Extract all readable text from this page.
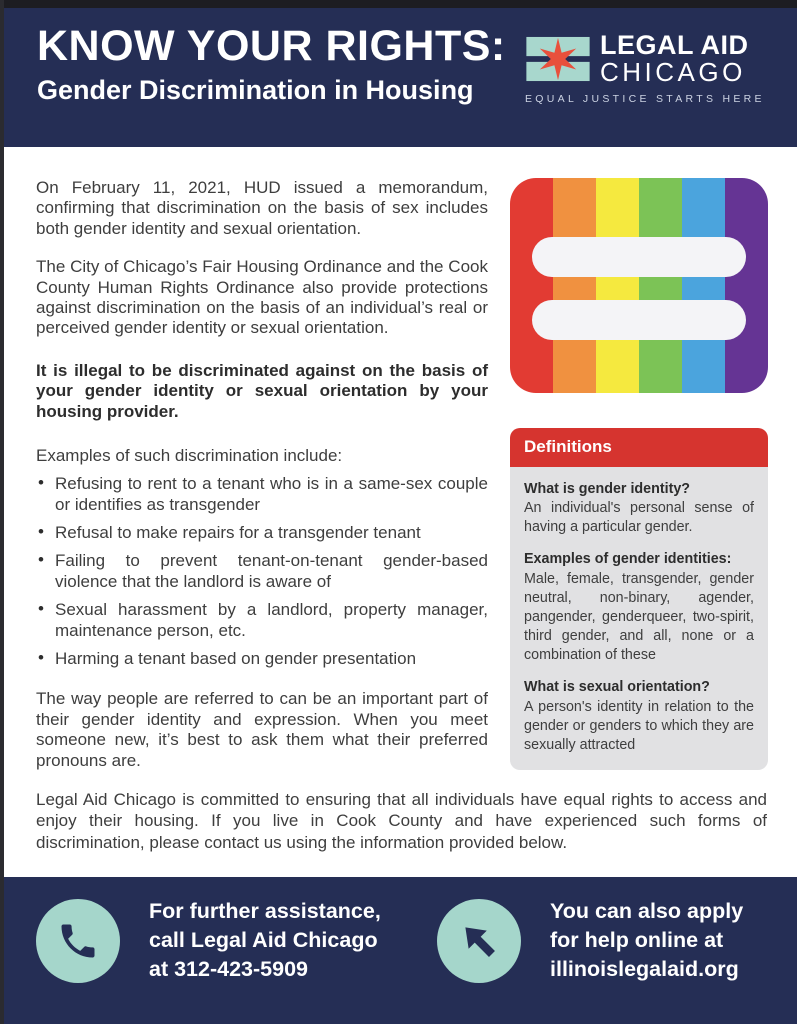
KNOW YOUR RIGHTS:
Gender Discrimination in Housing
LEGAL AID
CHICAGO
EQUAL JUSTICE STARTS HERE

On February 11, 2021, HUD issued a memorandum, confirming that discrimination on the basis of sex includes both gender identity and sexual orientation.

The City of Chicago’s Fair Housing Ordinance and the Cook County Human Rights Ordinance also provide protections against discrimination on the basis of an individual’s real or perceived gender identity or sexual orientation.

It is illegal to be discriminated against on the basis of your gender identity or sexual orientation by your housing provider.

Examples of such discrimination include:

• Refusing to rent to a tenant who is in a same-sex couple or identifies as transgender
• Refusal to make repairs for a transgender tenant
• Failing to prevent tenant-on-tenant gender-based violence that the landlord is aware of
• Sexual harassment by a landlord, property manager, maintenance person, etc.
• Harming a tenant based on gender presentation

The way people are referred to can be an important part of their gender identity and expression. When you meet someone new, it’s best to ask them what their preferred pronouns are.

Definitions
What is gender identity?
An individual's personal sense of having a particular gender.
Examples of gender identities:
Male, female, transgender, gender neutral, non-binary, agender, pangender, genderqueer, two-spirit, third gender, and all, none or a combination of these
What is sexual orientation?
A person's identity in relation to the gender or genders to which they are sexually attracted

Legal Aid Chicago is committed to ensuring that all individuals have equal rights to access and enjoy their housing. If you live in Cook County and have experienced such forms of discrimination, please contact us using the information provided below.

For further assistance,
call Legal Aid Chicago
at 312-423-5909
You can also apply
for help online at
illinoislegalaid.org
